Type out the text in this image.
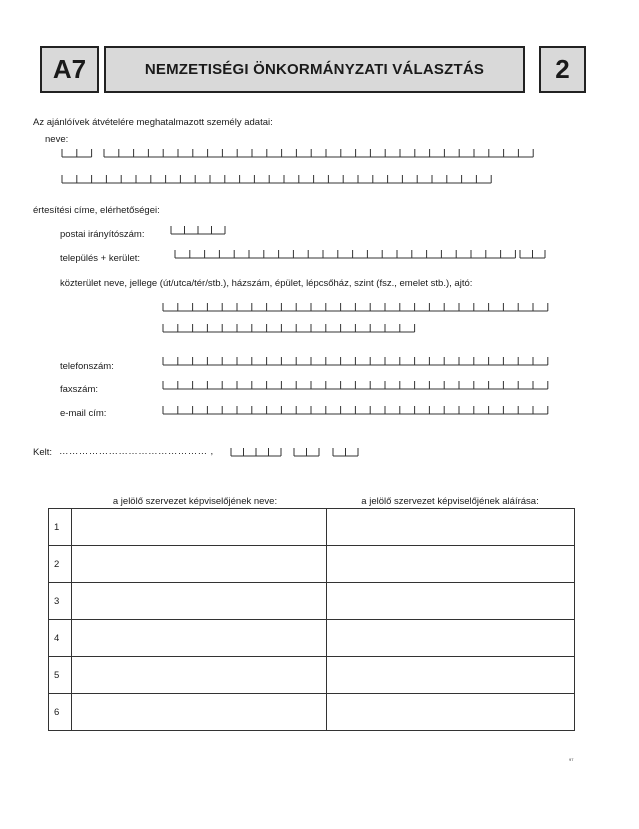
A7	NEMZETISÉGI ÖNKORMÁNYZATI VÁLASZTÁS	2
Az ajánlóívek átvételére meghatalmazott személy adatai:
neve:
értesítési címe, elérhetőségei:
postai irányítószám:
település + kerület:
közterület neve, jellege (út/utca/tér/stb.), házszám, épület, lépcsőház, szint (fsz., emelet stb.), ajtó:
telefonszám:
faxszám:
e-mail cím:
Kelt: ……………………………………… ,
a jelölő szervezet képviselőjének neve:	a jelölő szervezet képviselőjének aláírása:
1		
2		
3		
4		
5		
6		
97
